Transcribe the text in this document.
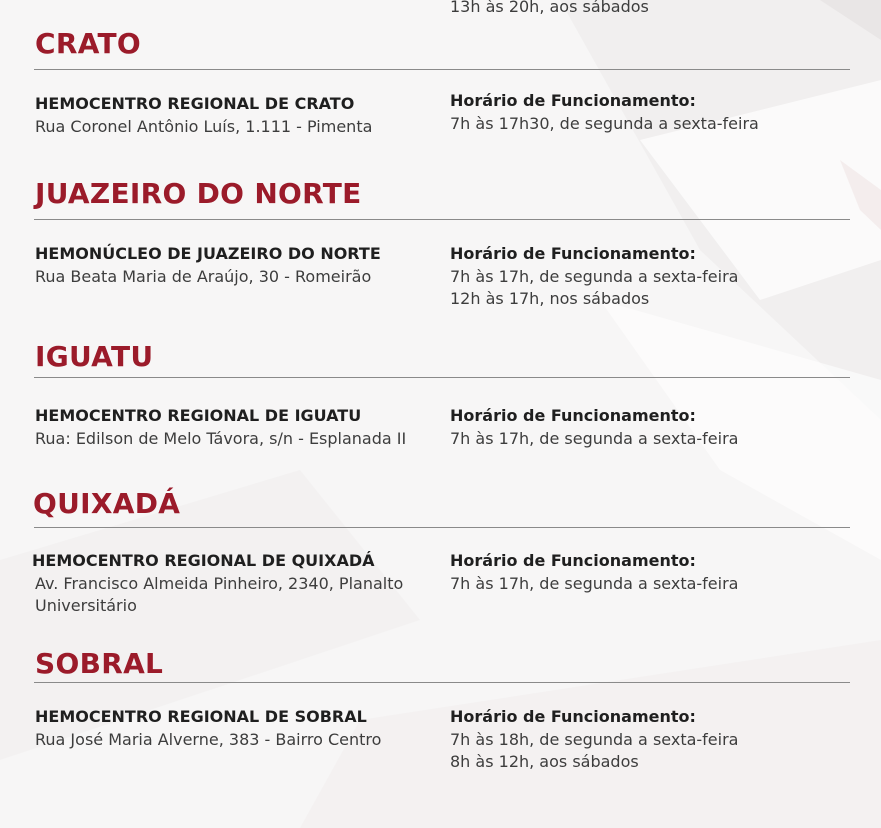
13h às 20h, aos sábados
CRATO
HEMOCENTRO REGIONAL DE CRATO
Rua Coronel Antônio Luís, 1.111 - Pimenta
Horário de Funcionamento:
7h às 17h30, de segunda a sexta-feira
JUAZEIRO DO NORTE
HEMONÚCLEO DE JUAZEIRO DO NORTE
Rua Beata Maria de Araújo, 30 - Romeirão
Horário de Funcionamento:
7h às 17h, de segunda a sexta-feira
12h às 17h, nos sábados
IGUATU
HEMOCENTRO REGIONAL DE IGUATU
Rua: Edilson de Melo Távora, s/n - Esplanada II
Horário de Funcionamento:
7h às 17h, de segunda a sexta-feira
QUIXADÁ
HEMOCENTRO REGIONAL DE QUIXADÁ
Av. Francisco Almeida Pinheiro, 2340, Planalto Universitário
Horário de Funcionamento:
7h às 17h, de segunda a sexta-feira
SOBRAL
HEMOCENTRO REGIONAL DE SOBRAL
Rua José Maria Alverne, 383 - Bairro Centro
Horário de Funcionamento:
7h às 18h, de segunda a sexta-feira
8h às 12h, aos sábados
